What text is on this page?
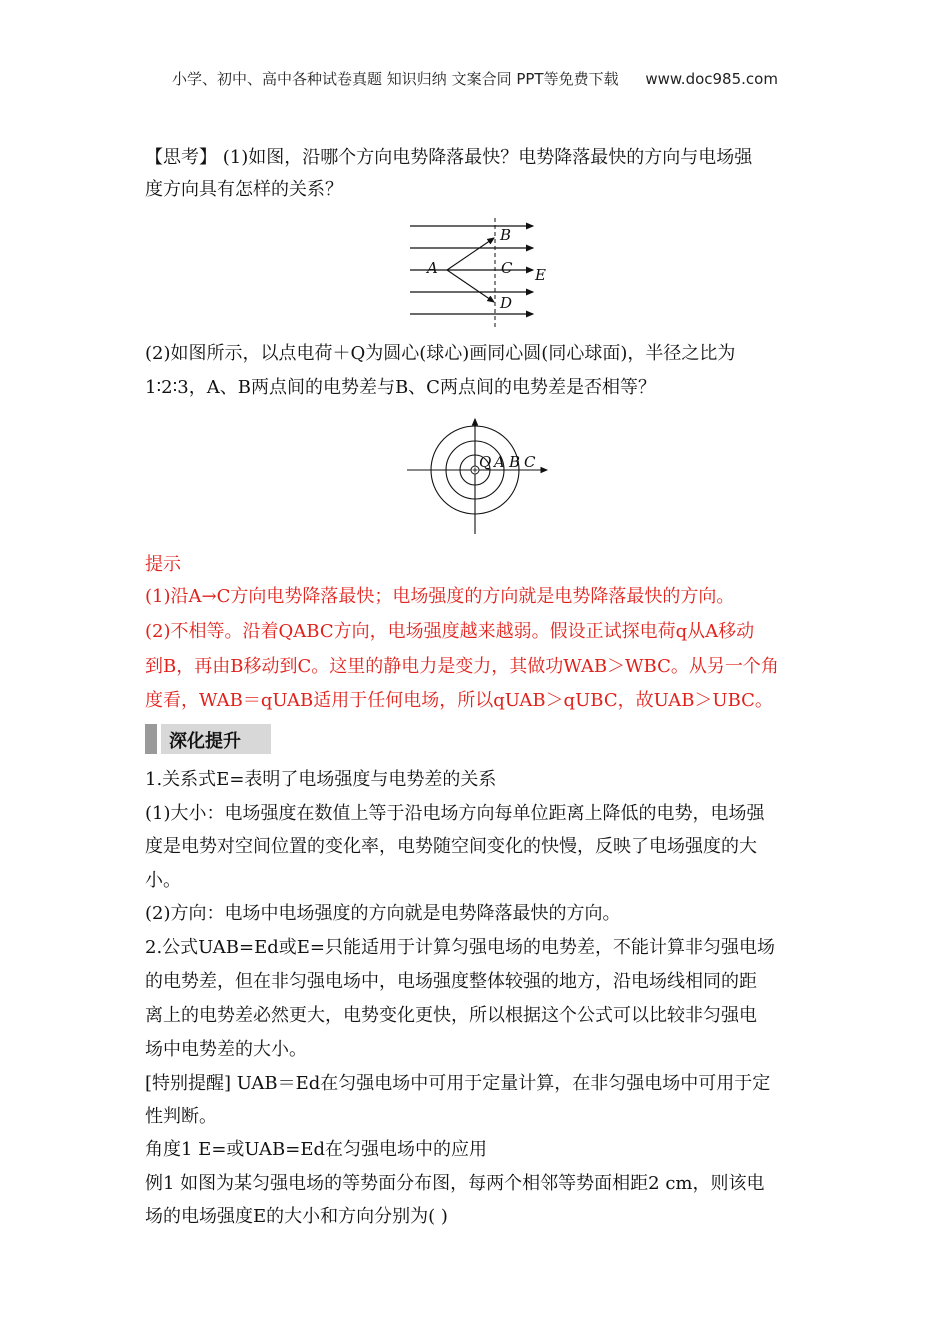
小学、初中、高中各种试卷真题 知识归纳 文案合同 PPT等免费下载 www.doc985.com
【思考】 (1)如图，沿哪个方向电势降落最快？电势降落最快的方向与电场强
度方向具有怎样的关系？
B
A	C E
D
(2)如图所示，以点电荷＋Q为圆心(球心)画同心圆(同心球面)，半径之比为
1∶2∶3，A、B两点间的电势差与B、C两点间的电势差是否相等？
Q A B C
提示
(1)沿A→C方向电势降落最快；电场强度的方向就是电势降落最快的方向。
(2)不相等。沿着QABC方向，电场强度越来越弱。假设正试探电荷q从A移动
到B，再由B移动到C。这里的静电力是变力，其做功WAB＞WBC。从另一个角
度看，WAB＝qUAB适用于任何电场，所以qUAB＞qUBC，故UAB＞UBC。
深化提升
1.关系式E=表明了电场强度与电势差的关系
(1)大小：电场强度在数值上等于沿电场方向每单位距离上降低的电势，电场强
度是电势对空间位置的变化率，电势随空间变化的快慢，反映了电场强度的大
小。
(2)方向：电场中电场强度的方向就是电势降落最快的方向。
2.公式UAB=Ed或E=只能适用于计算匀强电场的电势差，不能计算非匀强电场
的电势差，但在非匀强电场中，电场强度整体较强的地方，沿电场线相同的距
离上的电势差必然更大，电势变化更快，所以根据这个公式可以比较非匀强电
场中电势差的大小。
[特别提醒] UAB＝Ed在匀强电场中可用于定量计算，在非匀强电场中可用于定
性判断。
角度1 E=或UAB=Ed在匀强电场中的应用
例1 如图为某匀强电场的等势面分布图，每两个相邻等势面相距2 cm，则该电
场的电场强度E的大小和方向分别为( )
